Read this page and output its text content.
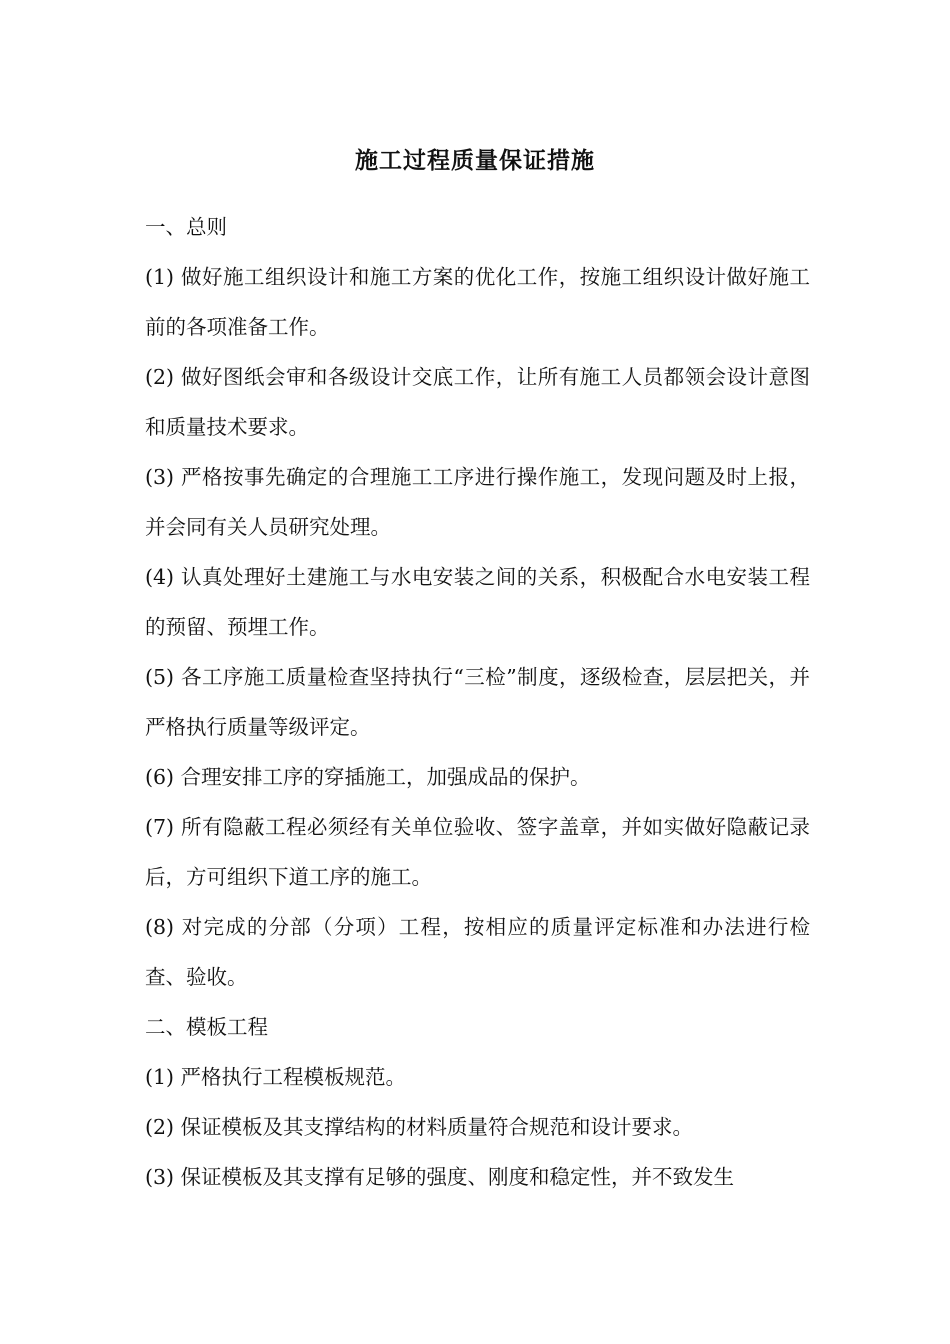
施工过程质量保证措施

一、总则

(1) 做好施工组织设计和施工方案的优化工作，按施工组织设计做好施工前的各项准备工作。

(2) 做好图纸会审和各级设计交底工作，让所有施工人员都领会设计意图和质量技术要求。

(3) 严格按事先确定的合理施工工序进行操作施工，发现问题及时上报，并会同有关人员研究处理。

(4) 认真处理好土建施工与水电安装之间的关系，积极配合水电安装工程的预留、预埋工作。

(5) 各工序施工质量检查坚持执行“三检”制度，逐级检查，层层把关，并严格执行质量等级评定。

(6) 合理安排工序的穿插施工，加强成品的保护。

(7) 所有隐蔽工程必须经有关单位验收、签字盖章，并如实做好隐蔽记录后，方可组织下道工序的施工。

(8) 对完成的分部（分项）工程，按相应的质量评定标准和办法进行检查、验收。

二、模板工程

(1) 严格执行工程模板规范。

(2) 保证模板及其支撑结构的材料质量符合规范和设计要求。

(3) 保证模板及其支撑有足够的强度、刚度和稳定性，并不致发生
